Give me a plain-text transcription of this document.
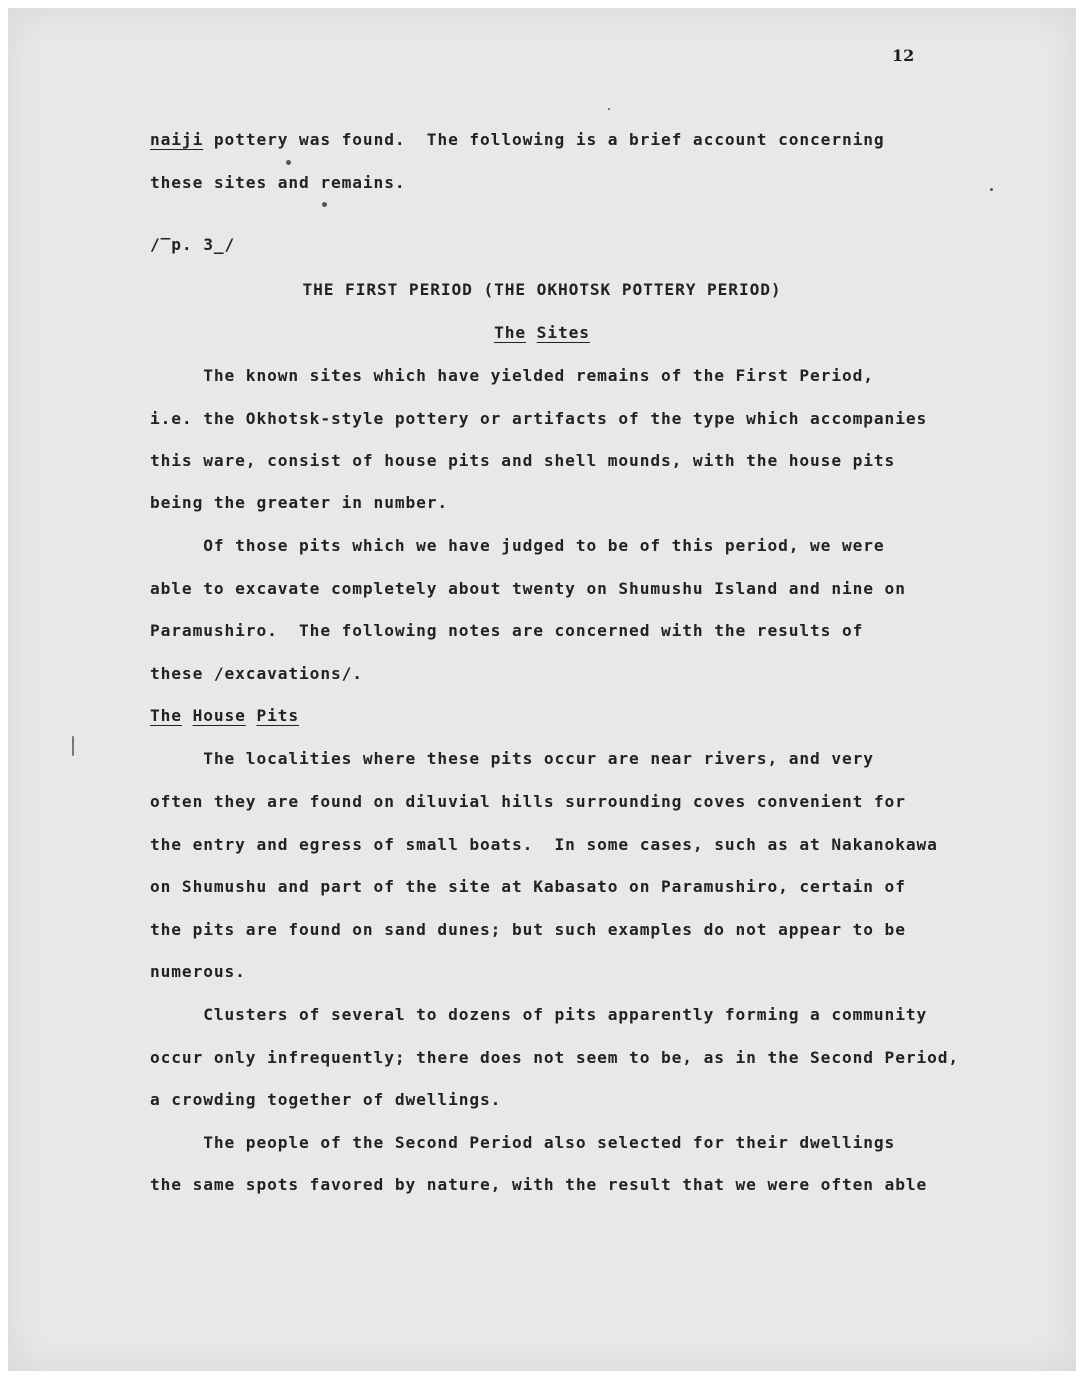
12
naiji pottery was found.  The following is a brief account concerning
these sites and remains.
/‾p. 3_/
THE FIRST PERIOD (THE OKHOTSK POTTERY PERIOD)
The Sites
The known sites which have yielded remains of the First Period,
i.e. the Okhotsk-style pottery or artifacts of the type which accompanies
this ware, consist of house pits and shell mounds, with the house pits
being the greater in number.
Of those pits which we have judged to be of this period, we were
able to excavate completely about twenty on Shumushu Island and nine on
Paramushiro.  The following notes are concerned with the results of
these /excavations/.
The House Pits
The localities where these pits occur are near rivers, and very
often they are found on diluvial hills surrounding coves convenient for
the entry and egress of small boats.  In some cases, such as at Nakanokawa
on Shumushu and part of the site at Kabasato on Paramushiro, certain of
the pits are found on sand dunes; but such examples do not appear to be
numerous.
Clusters of several to dozens of pits apparently forming a community
occur only infrequently; there does not seem to be, as in the Second Period,
a crowding together of dwellings.
The people of the Second Period also selected for their dwellings
the same spots favored by nature, with the result that we were often able
